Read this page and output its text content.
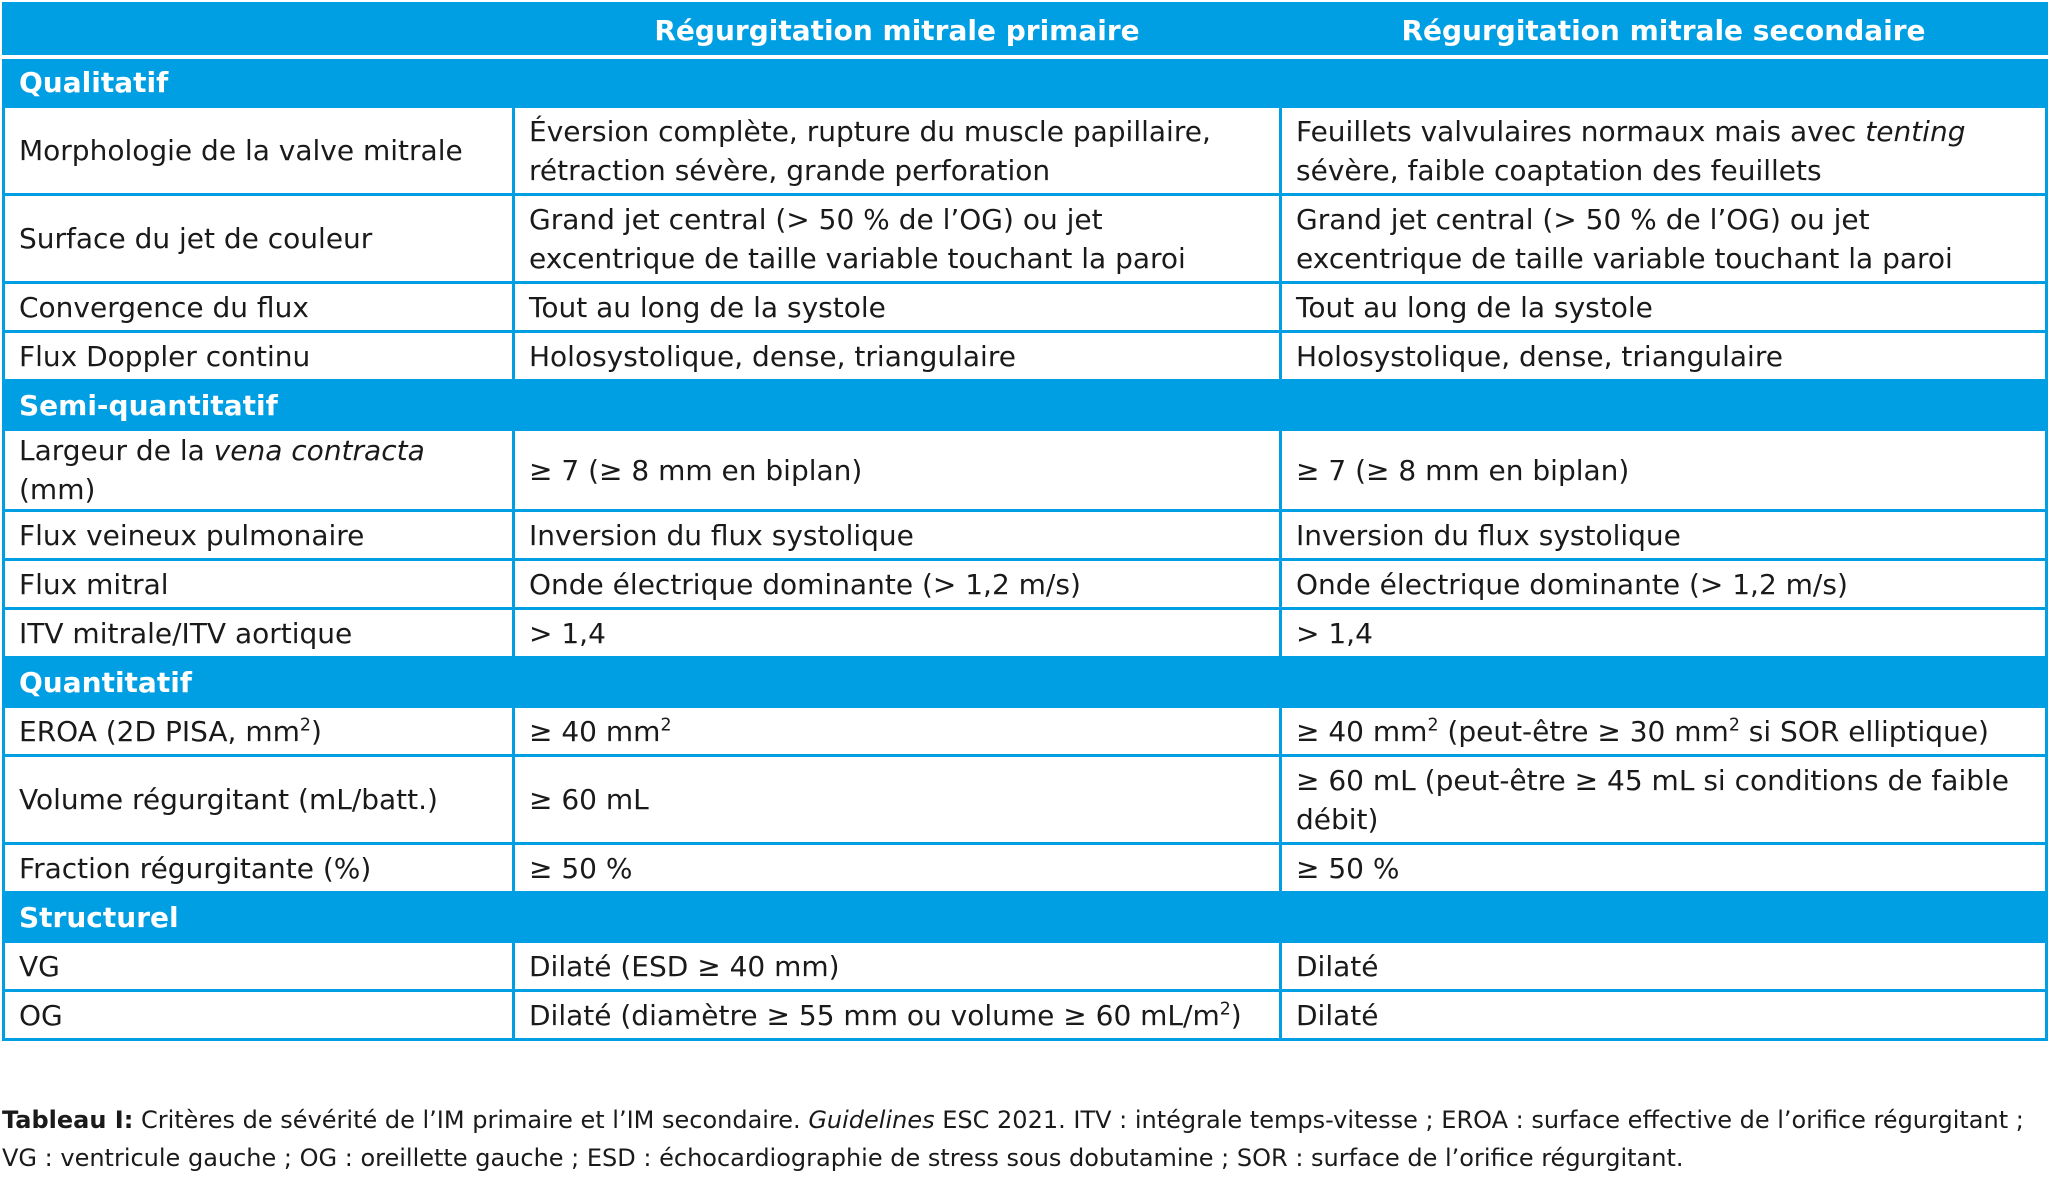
	Régurgitation mitrale primaire	Régurgitation mitrale secondaire
Qualitatif		
Morphologie de la valve mitrale	Éversion complète, rupture du muscle papillaire, rétraction sévère, grande perforation	Feuillets valvulaires normaux mais avec tenting sévère, faible coaptation des feuillets
Surface du jet de couleur	Grand jet central (> 50 % de l’OG) ou jet excentrique de taille variable touchant la paroi	Grand jet central (> 50 % de l’OG) ou jet excentrique de taille variable touchant la paroi
Convergence du flux	Tout au long de la systole	Tout au long de la systole
Flux Doppler continu	Holosystolique, dense, triangulaire	Holosystolique, dense, triangulaire
Semi-quantitatif		
Largeur de la vena contracta (mm)	≥ 7 (≥ 8 mm en biplan)	≥ 7 (≥ 8 mm en biplan)
Flux veineux pulmonaire	Inversion du flux systolique	Inversion du flux systolique
Flux mitral	Onde électrique dominante (> 1,2 m/s)	Onde électrique dominante (> 1,2 m/s)
ITV mitrale/ITV aortique	> 1,4	> 1,4
Quantitatif		
EROA (2D PISA, $mm^2$)	≥ 40 $mm^2$	≥ 40 $mm^2$ (peut-être ≥ 30 $mm^2$ si SOR elliptique)
Volume régurgitant (mL/batt.)	≥ 60 mL	≥ 60 mL (peut-être ≥ 45 mL si conditions de faible débit)
Fraction régurgitante (%)	≥ 50 %	≥ 50 %
Structurel		
VG	Dilaté (ESD ≥ 40 mm)	Dilaté
OG	Dilaté (diamètre ≥ 55 mm ou volume ≥ 60 $mL/m^2$)	Dilaté
Tableau I: Critères de sévérité de l’IM primaire et l’IM secondaire. Guidelines ESC 2021. ITV : intégrale temps-vitesse ; EROA : surface effective de l’orifice régurgitant ; VG : ventricule gauche ; OG : oreillette gauche ; ESD : échocardiographie de stress sous dobutamine ; SOR : surface de l’orifice régurgitant.
